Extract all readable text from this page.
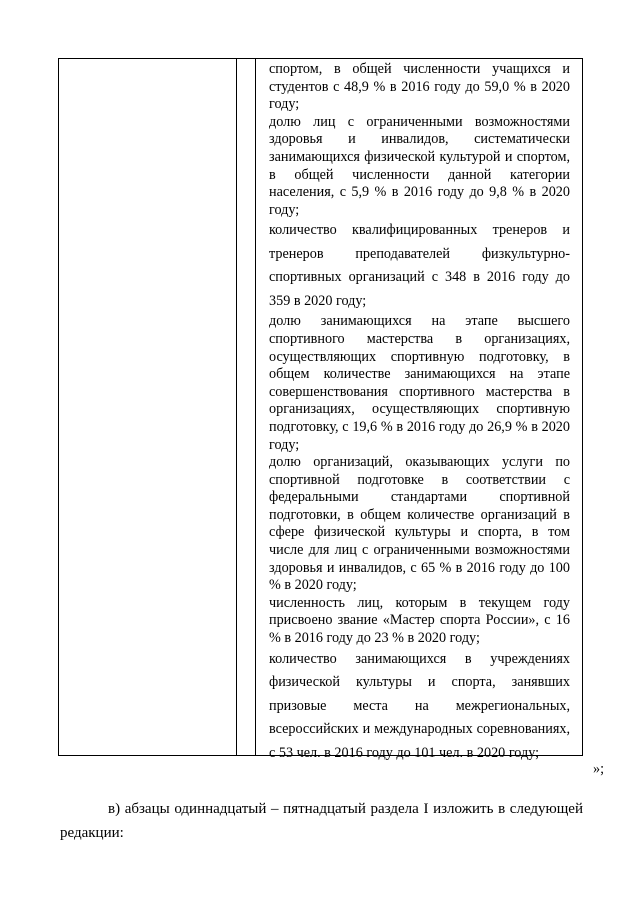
спортом, в общей численности учащихся и студентов с 48,9 % в 2016 году до 59,0 % в 2020 году;

долю лиц с ограниченными возможностями здоровья и инвалидов, систематически занимающихся физической культурой и спортом, в общей численности данной категории населения, с 5,9 % в 2016 году до 9,8 % в 2020 году;

количество квалифицированных тренеров и тренеров преподавателей физкультурно-спортивных организаций с 348 в 2016 году до 359 в 2020 году;

долю занимающихся на этапе высшего спортивного мастерства в организациях, осуществляющих спортивную подготовку, в общем количестве занимающихся на этапе совершенствования спортивного мастерства в организациях, осуществляющих спортивную подготовку, с 19,6 % в 2016 году до 26,9 % в 2020 году;

долю организаций, оказывающих услуги по спортивной подготовке в соответствии с федеральными стандартами спортивной подготовки, в общем количестве организаций в сфере физической культуры и спорта, в том числе для лиц с ограниченными возможностями здоровья и инвалидов, с 65 % в 2016 году до 100 % в 2020 году;

численность лиц, которым в текущем году присвоено звание «Мастер спорта России», с 16 % в 2016 году до 23 % в 2020 году;

количество занимающихся в учреждениях физической культуры и спорта, занявших призовые места на межрегиональных, всероссийских и международных соревнованиях, с 53 чел. в 2016 году до 101 чел. в 2020 году;

»;

в) абзацы одиннадцатый – пятнадцатый раздела I изложить в следующей редакции:
